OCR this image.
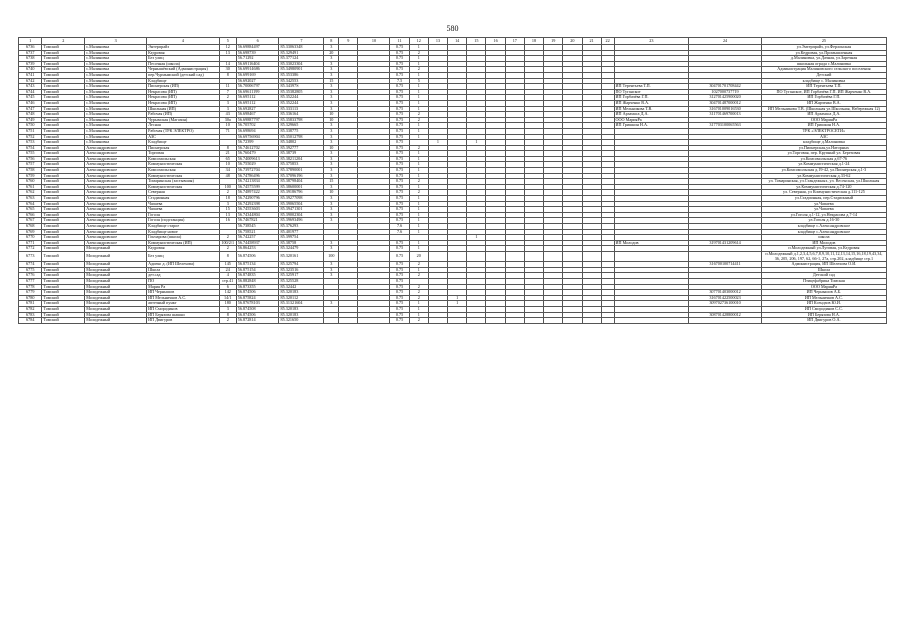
580
1	2	3	4	5	6	7	8	9	10	11	12	13	14	15	16	17	18	19	20	21	22	23	24	25
6736	Томский	с.Малиновка	Энтерпрайз	12	56.69884497	85.33063348	3			0.75	1													ул.Энтерпрайз, ул.Ферлонская
6737	Томский	с.Малиновка	Кедровая	13	56.698739	85.329491	20			0.75	2													ул.Кедровая, ул.Промышленная
6738	Томский	с.Малиновка	Без улиц		56.71292	85.377124	3			0.75	1													д.Малиновка, ул.Дачная, ул.Заречная
6739	Томский	с.Малиновка	Песочная (школа)	14	56.69116404	85.33023304	3			0.75	1													школьная ограда с.Малиновка
6740	Томский	с.Малиновка	Чернышёвский (Администрация)	30	56.69914686	85.34980901	3			0.75	2													Администрация Малиновского сельского поселения
6741	Томский	с.Малиновка	пер.Чурмымский (детский сад)	8	56.699169	85.353386	3			0.75	1													Детский
6742	Томский	с.Малиновка	Кладбище		56.692027	85.342553	15			7.5	5													кладбище с. Малиновка
6743	Томский	с.Малиновка	Пионерская (ИП)	11	56.70006797	85.34397S	3			0.75	1											ИП Терентьева Т.П.	304701701708442	ИП Терентьева Т.П.
6744	Томский	с.Малиновка	Некрасова (ИП)	7	56.69611199	85.35382805	3			0.75	1											ПО Туганское	1027000737719	ПО Туганское, ИП Горбачёва Г.П. ИП Жарченко В.А.
6745	Томский	с.Малиновка	Некрасова (ИП)	2	56.695112	85.352244	3			0.75	1											ИП Горбачёва Г.П.	312701425900020	ИП Горбачёва Г.П.
6746	Томский	с.Малиновка	Некрасова (ИП)	3	56.695112	85.352244	3			0.75	1											ИП Жарченко В.А.	304701487000012	ИП Жарченко В.А.
6747	Томский	с.Малиновка	Школьная (ИП)	3	56.692827	85.333113	3			0.75	1											ИП Мельникова Т.В.	316701009016530	ИП Мельникова Т.В. (Школьная ул.Школьная, Набережная 12)
6748	Томский	с.Малиновка	Рабочая (ИП)	43	56.698467	85.336164	10			0.75	2											ИП Арзамаса Д.А.	311701469700013	ИП Арзамаса Д.А.
6749	Томский	с.Малиновка	Чурымская (Магазин)	30а	56.69887797	85.35833798	10			0.75	2											ООО МарияРа		ООО МарияРа
6750	Томский	с.Малиновка	Лесная	10	56.705702	85.329665	3			0.75	1											ИП Гришкин Н.А.	317703100065563	ИП Гришкин Н.А.
6751	Томский	с.Малиновка	Рабочая (ТРК ЭЛЕКТРО)	71	56.698694	85.338775	3			0.75	1													ТРК «ЭЛЕКТРОСЕТИ»
6752	Томский	с.Малиновка	АЗС		56.69756904	85.35012798	3			0.75	1													АЗС
6753	Томский	с.Малиновка	Кладбище		56.72399	85.34802	3			0.75		1		1										кладбище д.Малиновка
6754	Томский	Александровское	Пионерская	8	56.74612702	85.392777	10			0.75	2													ул.Пионерская,ул.Наторных
6755	Томский	Александровское	Торговая	21	56.760479	85.38739	3			0.75	1													ул.Торговая, пер. Крупный ул. Березовая
6756	Томский	Александровское	Комсомольская	65	56.74009613	85.38211204	3			0.75	1													ул.Комсомольская д.67-76
6757	Томский	Александровское	Коммунистическая	10	56.755029	85.375853	3			0.75	1													ул.Коммунистическая д.1-24
6758	Томский	Александровское	Комсомольская	34	56.73972704	85.37890001	3			0.75	1													ул.Комсомольская д.19-42, ул.Пионерская д.1-3
6759	Томский	Александровское	Коммунистическая	48	56.74786496	85.37096196	3			0.75	1													ул.Коммунистическая д.33-62
6760	Томский	Александровское	Томаринская (застывшая)		56.74213834	85.38798404	15			0.75	2													ул. Томаринская, ул.Стандежных, ул. Весенская, ул.Школьная
6761	Томский	Александровское	Коммунистическая	100	56.74575599	85.38600001	3			0.75	1													ул.Коммунистическая д.74-120
6762	Томский	Александровское	Северная	2	56.74897422	85.39186796	10			0.75	2													ул. Северная, ул Коммунистическая д.111-125
6763	Томский	Александровское	Стадионная	18	56.74290796	85.39277098	3			0.75	1													ул.Стадионная, пер.Стадионный
6764	Томский	Александровское	Чапаева	3	56.74292398	85.39065504	3			0.75	1													ул.Чапаева
6765	Томский	Александровское	Чапаева	15	56.74553603	85.39471301	3			0.75	1													ул.Чапаева
6766	Томский	Александровское	Гоголя	13	56.74344804	85.39002304	3			0.75	1													ул.Гоголя д.1-12, ул.Некрасова д.7-14
6767	Томский	Александровское	Гоголя (подстанция)	16	56.7467821	85.39693496	3			0.75	1													ул.Гоголя д.16-30
6768	Томский	Александровское	Кладбище старое		56.738545	85.376293				7.6	1													кладбище с.Александровское
6769	Томский	Александровское	Кладбище новое		56.758521	85.401977				7.6	1													кладбище с.Александровское
6770	Томский	Александровское	Гончарова (школа)	2	56.742257	85.399754								1										школа
6771	Томский	Александровское	Коммунистическая (ИП)	100/2/1	56.74458937	85.38758	3			0.75	1											ИП Молодов	319701431209614	ИП Молодов
6772	Томский	Молодежный	Кедровая	2	56.864253	85.324479	3			0.75	1													п.Молодежный ул.Луговая, ул.Кедровая
6773	Томский	Молодежный	Без улиц	8	56.874506	85.320161	100			0.75	20													п.Молодежный д.1,2,3,4,5,6,7,8,9,10,11,12,13,14,15,16,18,19,43,34, 36, 205, 206, 197, 62, 66-1, 27а, стр.202, кладбище стр.1
6774	Томский	Молодежный	Адиеко д. (ИП Шелехова)	145	56.875134	85.325794	3			0.75	2												316700100714411	Администрация, ИП Шелехова О.И.
6775	Томский	Молодежный	Школа	24	56.875154	85.323516	3			0.75	1													Школа
6776	Томский	Молодежный	дет.сад	4	56.874835	85.325917	3			0.75	2													Детский сад
6777	Томский	Молодежный	ПО	стр.41	56.882848	85.325528				0.75														Птицефабрика Томская
6778	Томский	Молодежный	Мария Ра	6	56.873355	85.32442				0.75	2													ООО МарияРа
6779	Томский	Молодежный	ИП Чернышов	142	56.874506	85.320183				0.75	2												307701403000012	ИП Чернышов А.Б.
6780	Томский	Молодежный	ИП Мельничков А.С.	14/1	56.875824	85.320112				0.75	2		1										316701422500023	ИП Мельничков А.С.
6781	Томский	Молодежный	аптечный пункт	180	56.87678103	85.31321604	3			0.75	1		1										309702736100010	ИП Ксендзов Ю.И.
6782	Томский	Молодежный	ИП Смородинов	3	56.874508	85.320183				0.75	1													ИП Смородинов С.С.
6783	Томский	Молодежный	ИП Берязова шашки	8	56.874506	85.320183				0.75	1												308701428800012	ИП Берязова Н.А.
6784	Томский	Молодежный	ИП Двигуров	2	56.872814	85.321650				0.75	2													ИП Двигуров О.А.
